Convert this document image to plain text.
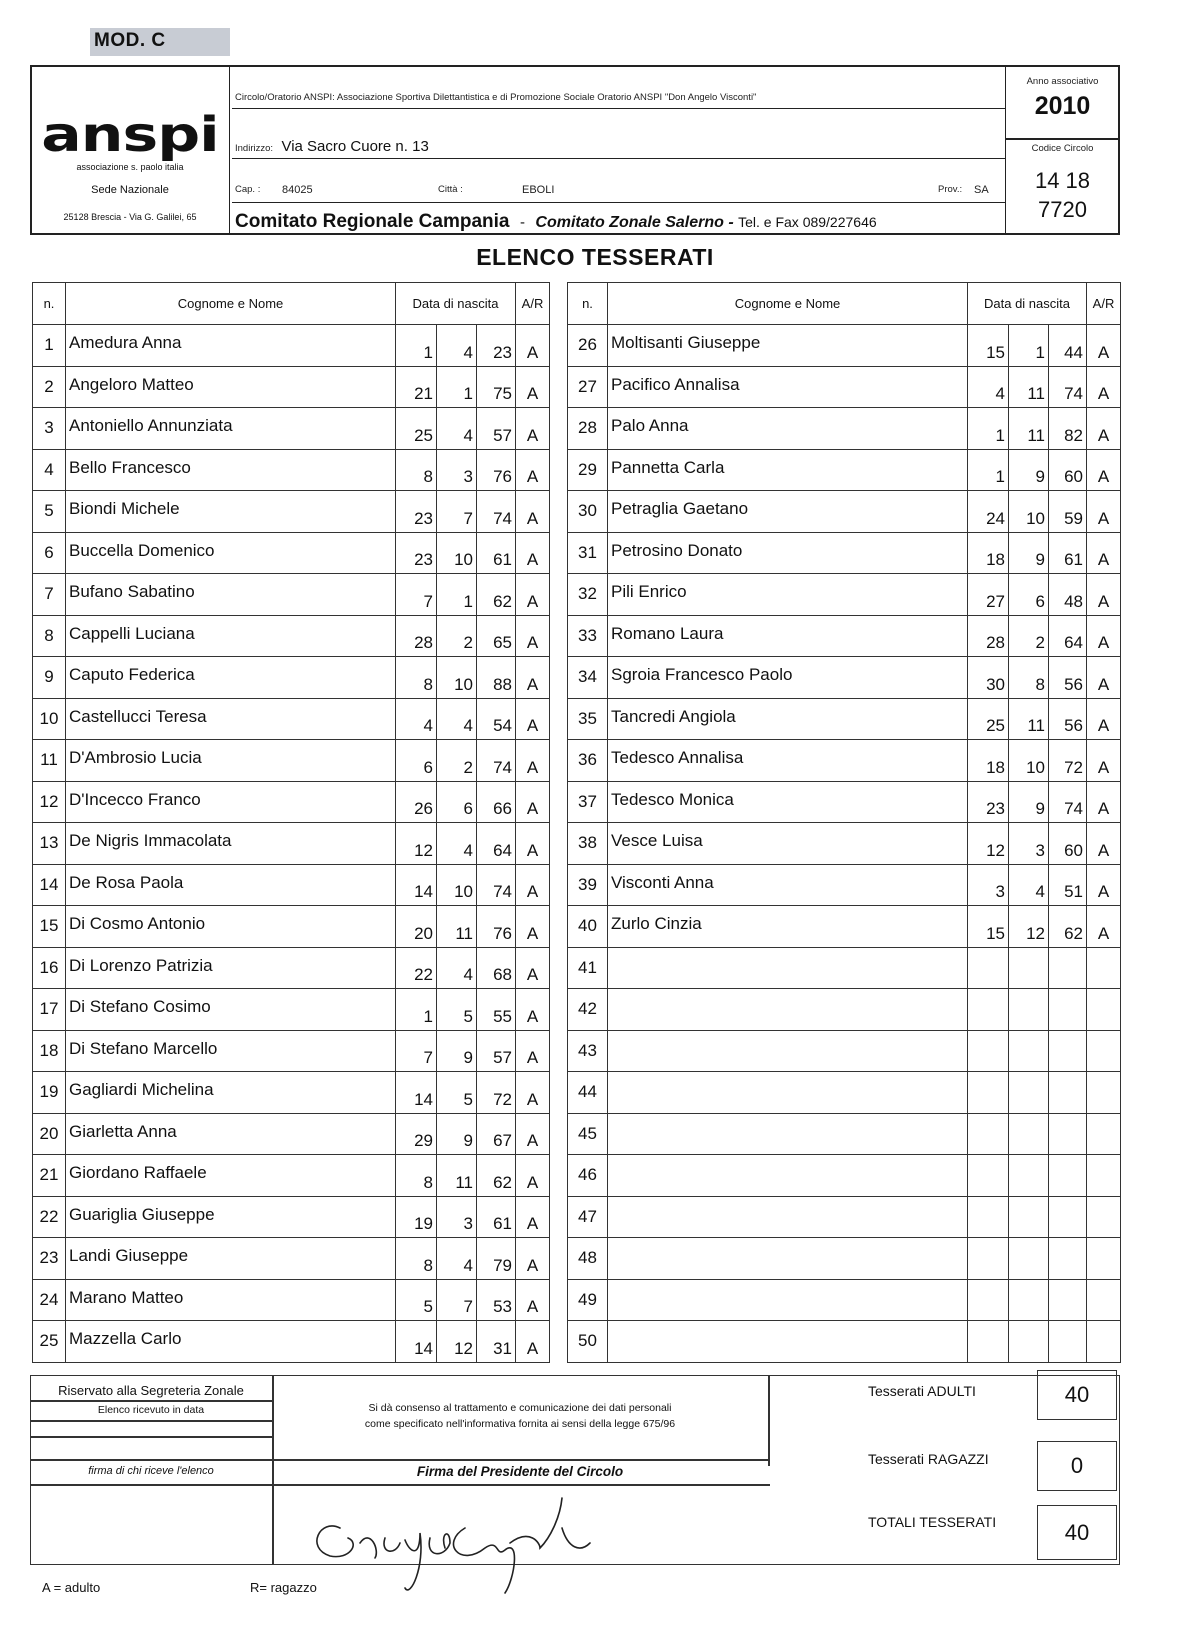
MOD. C
anspi
associazione s. paolo italia
Sede Nazionale
25128 Brescia - Via G. Galilei, 65
Circolo/Oratorio ANSPI: Associazione Sportiva Dilettantistica e di Promozione Sociale Oratorio ANSPI "Don Angelo Visconti"
Indirizzo: Via Sacro Cuore n. 13
Cap. : 84025	Città :	EBOLI	Prov.: SA
Comitato Regionale Campania - Comitato Zonale Salerno - Tel. e Fax 089/227646
Anno associativo
2010
Codice Circolo
14 18
7720
ELENCO TESSERATI
n.	Cognome e Nome	Data di nascita			A/R
1	Amedura Anna	1	4	23	A
2	Angeloro Matteo	21	1	75	A
3	Antoniello Annunziata	25	4	57	A
4	Bello Francesco	8	3	76	A
5	Biondi Michele	23	7	74	A
6	Buccella Domenico	23	10	61	A
7	Bufano Sabatino	7	1	62	A
8	Cappelli Luciana	28	2	65	A
9	Caputo Federica	8	10	88	A
10	Castellucci Teresa	4	4	54	A
11	D'Ambrosio Lucia	6	2	74	A
12	D'Incecco Franco	26	6	66	A
13	De Nigris Immacolata	12	4	64	A
14	De Rosa Paola	14	10	74	A
15	Di Cosmo Antonio	20	11	76	A
16	Di Lorenzo Patrizia	22	4	68	A
17	Di Stefano Cosimo	1	5	55	A
18	Di Stefano Marcello	7	9	57	A
19	Gagliardi Michelina	14	5	72	A
20	Giarletta Anna	29	9	67	A
21	Giordano Raffaele	8	11	62	A
22	Guariglia Giuseppe	19	3	61	A
23	Landi Giuseppe	8	4	79	A
24	Marano Matteo	5	7	53	A
25	Mazzella Carlo	14	12	31	A
n.	Cognome e Nome	Data di nascita			A/R
26	Moltisanti Giuseppe	15	1	44	A
27	Pacifico Annalisa	4	11	74	A
28	Palo Anna	1	11	82	A
29	Pannetta Carla	1	9	60	A
30	Petraglia Gaetano	24	10	59	A
31	Petrosino Donato	18	9	61	A
32	Pili Enrico	27	6	48	A
33	Romano Laura	28	2	64	A
34	Sgroia Francesco Paolo	30	8	56	A
35	Tancredi Angiola	25	11	56	A
36	Tedesco Annalisa	18	10	72	A
37	Tedesco Monica	23	9	74	A
38	Vesce Luisa	12	3	60	A
39	Visconti Anna	3	4	51	A
40	Zurlo Cinzia	15	12	62	A
41					
42					
43					
44					
45					
46					
47					
48					
49					
50					
Riservato alla Segreteria Zonale
Elenco ricevuto in data
firma di chi riceve l'elenco
Si dà consenso al trattamento e comunicazione dei dati personali
come specificato nell'informativa fornita ai sensi della legge 675/96
Firma del Presidente del Circolo
Tesserati ADULTI	40
Tesserati RAGAZZI	0
TOTALI TESSERATI	40
A = adulto	R= ragazzo
